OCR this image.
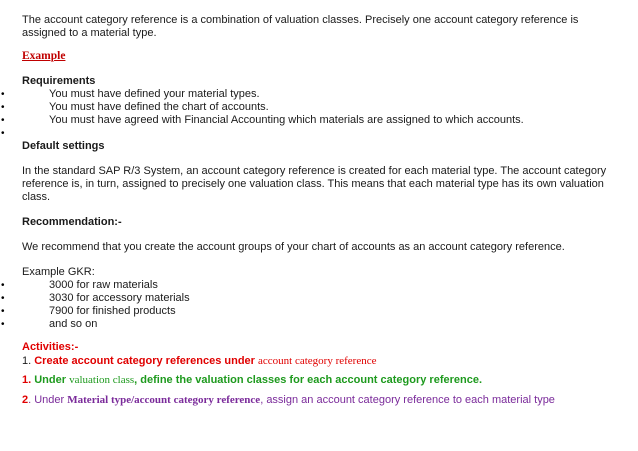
The account category reference is a combination of valuation classes. Precisely one account category reference is assigned to a material type.

Example

Requirements

• You must have defined your material types.
• You must have defined the chart of accounts.
• You must have agreed with Financial Accounting which materials are assigned to which accounts.
•

Default settings

In the standard SAP R/3 System, an account category reference is created for each material type. The account category reference is, in turn, assigned to precisely one valuation class. This means that each material type has its own valuation class.

Recommendation:-

We recommend that you create the account groups of your chart of accounts as an account category reference.

Example GKR:

• 3000 for raw materials
• 3030 for accessory materials
• 7900 for finished products
• and so on

Activities:-

1. Create account category references under account category reference

1. Under valuation class, define the valuation classes for each account category reference.

2. Under Material type/account category reference, assign an account category reference to each material type
